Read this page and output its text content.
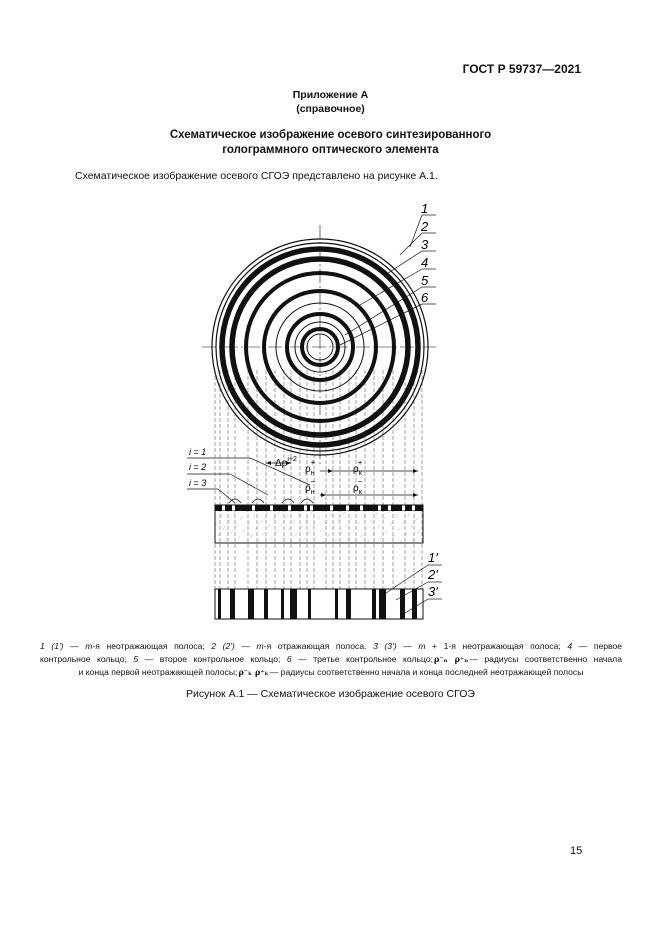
ГОСТ Р 59737—2021
Приложение А
(справочное)
Схематическое изображение осевого синтезированного
голограммного оптического элемента
Схематическое изображение осевого СГОЭ представлено на рисунке А.1.
1
2
3
4
5
6
1'
2'
3'
i = 1
i = 2
i = 3
$\Delta\rho^{i+2}$
$\rho_н+$
$\rho_к+$
$\rho_н-$
$\rho_к-$
1 (1') — m-я неотражающая полоса; 2 (2') — m-я отражающая полоса. 3 (3') — m + 1-я неотражающая полоса; 4 — первое
контрольное кольцо; 5 — второе контрольное кольцо; 6 — третье контрольное кольцо;ρ⁻ₙ ρ⁺ₙ— радиусы соответственно начала
и конца первой неотражающей полосы;ρ⁻ₖ ρ⁺ₖ— радиусы соответственно начала и конца последней неотражающей полосы
Рисунок А.1 — Схематическое изображение осевого СГОЭ
15
